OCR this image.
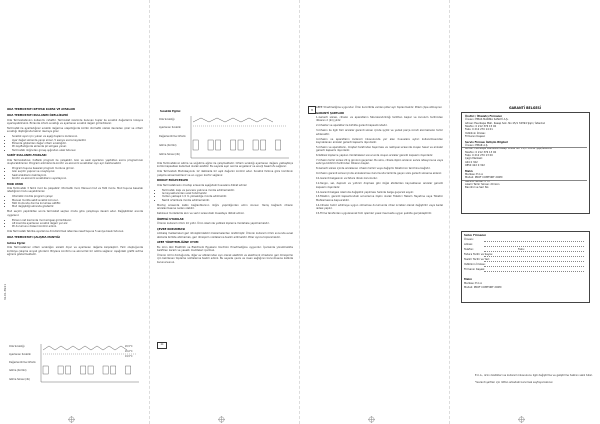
ODA TERMOSTATI KEYPAD KAPAK VE AYARLARI
ODA TERMOSTATI KULLANIM ÖZELLİKLERİ

Oda Termostatınızın kullanımı rahattır. Termostat üzerinde bulunan tuşlar ile sıcaklık değerlerini kolayca ayarlayabilirsiniz. Ekranda ortam sıcaklığı ve ayarlanan sıcaklık değeri görüntülenir.

Termostat ile ayarladığınız sıcaklık değerine ulaşıldığında kombi otomatik olarak devreden çıkar ve ortam sıcaklığı düştüğünde tekrar devreye girer.

• Sıcaklık ayarı için yukarı ve aşağı tuşlarını kullanınız.
• Ayar değeri ekranda yanıp söner, 5 saniye sonra kaydedilir.
• Ekranda gösterilen değer ortam sıcaklığıdır.
• Pil zayıfladığında ekranda pil simgesi yanar.
• Termostatı doğrudan güneş ışığından uzak tutunuz.
SABİT KULLANIM AYARLARI

Oda Termostatınız, haftalık program ile çalışabilir. Gün ve saat ayarlarını yaptıktan sonra programınızı oluşturabilirsiniz. Program adımlarında konfor ve ekonomi sıcaklıkları ayrı ayrı belirlenebilir.

• Program tuşuna basarak program moduna giriniz.
• Gün seçimi yapınız ve onaylayınız.
• Saat aralıklarını belirleyiniz.
• Konfor ve ekonomi sıcaklıklarını ayarlayınız.
MOD AYARI

Oda Termostatı 3 farklı mod ile çalışabilir: Otomatik mod, Manuel mod ve Tatil modu. Mod tuşuna basarak istediğiniz modu seçebilirsiniz.

• Otomatik modda program çalışır.
• Manuel modda sabit sıcaklık korunur.
• Tatil modunda donma koruması aktiftir.
• Mod değişikliği ekranda gösterilir.

Mod seçimi yapıldıktan sonra termostat seçilen moda göre çalışmaya devam eder. Değişiklikler anında uygulanır.

• Ekranın üst kısmında mod simgesi görüntülenir.
• Alt kısımda ayarlanan sıcaklık değeri yer alır.
• Pil durumunu düzenli kontrol ediniz.

Oda Termostatı fabrika ayarlarına döndürülmek istenirse reset tuşuna 5 saniye basılı tutunuz.

ODA TERMOSTATI ÇALIŞMA MANTIĞI
Isıtma Eğrisi

Oda Termostatınız ortam sıcaklığını sürekli ölçer ve ayarlanan değerle karşılaştırır. Fark oluştuğunda kombiye çalışma sinyali gönderir. Böylece konforlu ve ekonomik bir ısıtma sağlanır. Aşağıdaki grafik ısıtma eğrisini göstermektedir.

Oda Sıcaklığı
Ayarlanan Sıcaklık
Değerlendirme Ortamı
Isıtma (Kombi)
Isıtma Süresi (dk)
20,5°C
20,0°C
19,5°C
VL01-8921
Sıcaklık Eğrisi
Oda Sıcaklığı
Ayarlanan Sıcaklık
Değerlendirme Ortamı
Isıtma (Kombi)
Isıtma Süresi (dk)

Oda Termostatınız ısıtma ve soğutma eğrisi ile çalışmaktadır. Ortam sıcaklığı ayarlanan değere yaklaştıkça kombi kapasitesi kademeli olarak azaltılır. Bu sayede aşırı ısınma engellenir ve enerji tasarrufu sağlanır.

Oda Termostatı Modülasyonlu 12 dakikada bir eşik değerini kontrol eder. Sıcaklık farkına göre kombinin çalışma süresi belirlenir ve en uygun konfor sağlanır.

DIKKAT EDİLECEKLER

Oda Termostatınızın montajı sırasında aşağıdaki hususlara dikkat ediniz:

• Termostat, kapı ve pencere yakınına monte edilmemelidir.
• Isı kaynaklarından uzak tutulmalıdır.
• Yerden yaklaşık 1,5 m yüksekliğe monte edilmelidir.
• Nemli ortamlara monte edilmemelidir.

Montaj sırasında kablo bağlantılarının doğru yapıldığından emin olunuz. Yanlış bağlantı cihazın arızalanmasına neden olabilir.

Kablosuz modellerde alıcı ve verici arasındaki mesafeye dikkat ediniz.

ÖNEMLİ UYARILAR

Ürünün kullanım ömrü 10 yıldır. Ürün üzerinde yetkisiz kişilerce müdahale yapılmamalıdır.

ÇEVRE KORUNMASI

Ambalaj malzemeleri geri dönüştürülebilir malzemelerden üretilmiştir. Ürünün kullanım ömrü sonunda evsel atıklarla birlikte atılmamalı, geri dönüşüm noktalarına teslim edilmelidir. Piller ayrıca toplanmalıdır.

AEEE YÖNETMELİĞİNE UYUM

Bu ürün Atık Elektrikli ve Elektronik Eşyaların Kontrolü Yönetmeliğine uygundur. İçerisinde yönetmelikte belirtilen zararlı ve yasaklı maddeleri içermez.

Ürünün ömrü dolduğunda, diğer ev atıklarından ayrı olarak elektrikli ve elektronik cihazların geri dönüşümü için belirlenen toplama noktalarına teslim ediniz. Bu sayede çevre ve insan sağlığının korunmasına katkıda bulunursunuz.

⌧
✕

AEEE Yönetmeliğine uygundur. Ürün ile birlikte verilen piller ayrı toplanmalıdır. Pilleri çöpe atmayınız.

GARANTİ ŞARTLARI

1-Garanti süresi, cihazın ve aparatların faturalandırıldığı tarihten başlar ve kurulum tarihinden itibaren 2 (iki) yıldır.

2-Cihazlar ve aparatlar ile birlikte garanti kapsamındadır.

3-Cihazın ile ilgili tüm arızalar garanti süresi içinde işçilik ve yedek parça ücreti alınmaksızın tamir edilecektir.

4-Cihazın ve aparatların kullanım kılavuzunda yer alan hususlara aykırı kullanılmasından kaynaklanan arızalar garanti kapsamı dışındadır.

5-Cihazın ve aparatların, müşteri tarafından taşınması ve nakliyesi sırasında oluşan hasar ve arızalar garanti kapsamı dışındadır.

6-Yetkisiz kişilerce yapılan müdahaleler sonucunda oluşan arızalar garanti kapsamı dışındadır.

7-Cihazın tamir süresi 20 iş gününü geçemez. Bu süre, cihaza ilişkin arızanın servis istasyonuna veya satıcıya bildirimi tarihinden itibaren başlar.

8-Garanti süresi içinde arızalanan cihazın tamiri veya değişimi tüketicinin tercihine bağlıdır.

9-Cihazın garanti süresi içinde arızalanması durumunda tamirde geçen süre garanti süresine eklenir.

10-Garanti belgesinin ve fatura ibrazı zorunludur.

11-Yangın, sel, deprem ve yıldırım düşmesi gibi doğal afetlerden kaynaklanan arızalar garanti kapsamı dışındadır.

12-Garanti belgesi üzerinde değişiklik yapılması halinde belge geçersiz sayılır.

13-Tüketici, garanti kapsamındaki sorunlarına ilişkin olarak Tüketici Hakem Heyetine veya Tüketici Mahkemesine başvurabilir.

14-Cihazın tamir edilmeye uygun olmaması durumunda cihaz ücretsiz olarak değiştirilir veya bedel iadesi yapılır.

15-Firma tarafından uygulanacak tüm işlemler yasal mevzuata uygun şekilde gerçekleştirilir.

GARANTİ BELGESİ
Üretici / İthalatçı Firmanın
Ünvanı: EMAS MAKİNA SANAYİ A.Ş.
Adresi: Esentepe Mah. Kasap Sok. No:15/1 34394 Şişli / İstanbul
Telefon: 0 212 376 15 00
Faks: 0 212 270 14 01
Yetkilinin İmzası:
Firmanın Kaşesi:
Servis Firması İletişim Bilgileri
Ünvanı: EMAR A.Ş.
Adresi: Esentepe Mahallesi Kasap Sokak No: 15/1 34394 Şişli/İstanbul
Telefon: 0 212 376 13 00
Faks: 0 212 270 13 00
Çağrı Merkezi:
444 0 322
0850 422 0 322
Malın
Markası: E.C.A
Modeli: PROF COMFORT 200M
Garanti Süresi: 2 Yıl
Azami Tamir Süresi: 20 Gün
Bandrol ve Seri No:
Satıcı Firmanın
Ünvanı:
Adresi:
Telefon:
Fatura Tarihi ve Sayısı:
Teslim Tarihi ve Yeri:
Yetkilinin İmzası:
Firmanın Kaşesi:
Faks:
Malın
Markası: E.C.A
Modeli: PROF COMFORT 200M
E.C.A., ürün özellikleri ve kullanım kılavuzunu ilgili değiştirme ve geliştirme hakkını saklı tutar.
*Garanti şartları için lütfen arkadaki kurumsal sayfaya bakınız.
